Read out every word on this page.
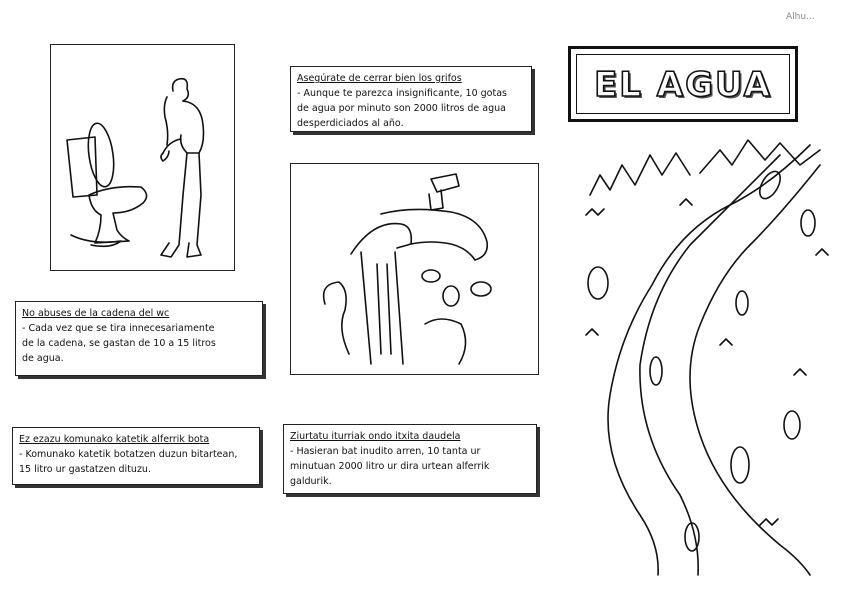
Alhu...
EL AGUA
Asegúrate de cerrar bien los grifos
- Aunque te parezca insignificante, 10 gotas
de agua por minuto son 2000 litros de agua
desperdiciados al año.
No abuses de la cadena del wc
- Cada vez que se tira innecesariamente
de la cadena, se gastan de 10 a 15 litros
de agua.
Ez ezazu komunako katetik alferrik bota
- Komunako katetik botatzen duzun bitartean,
15 litro ur gastatzen dituzu.
Ziurtatu iturriak ondo itxita daudela
- Hasieran bat inudito arren, 10 tanta ur
minutuan 2000 litro ur dira urtean alferrik
galdurik.
